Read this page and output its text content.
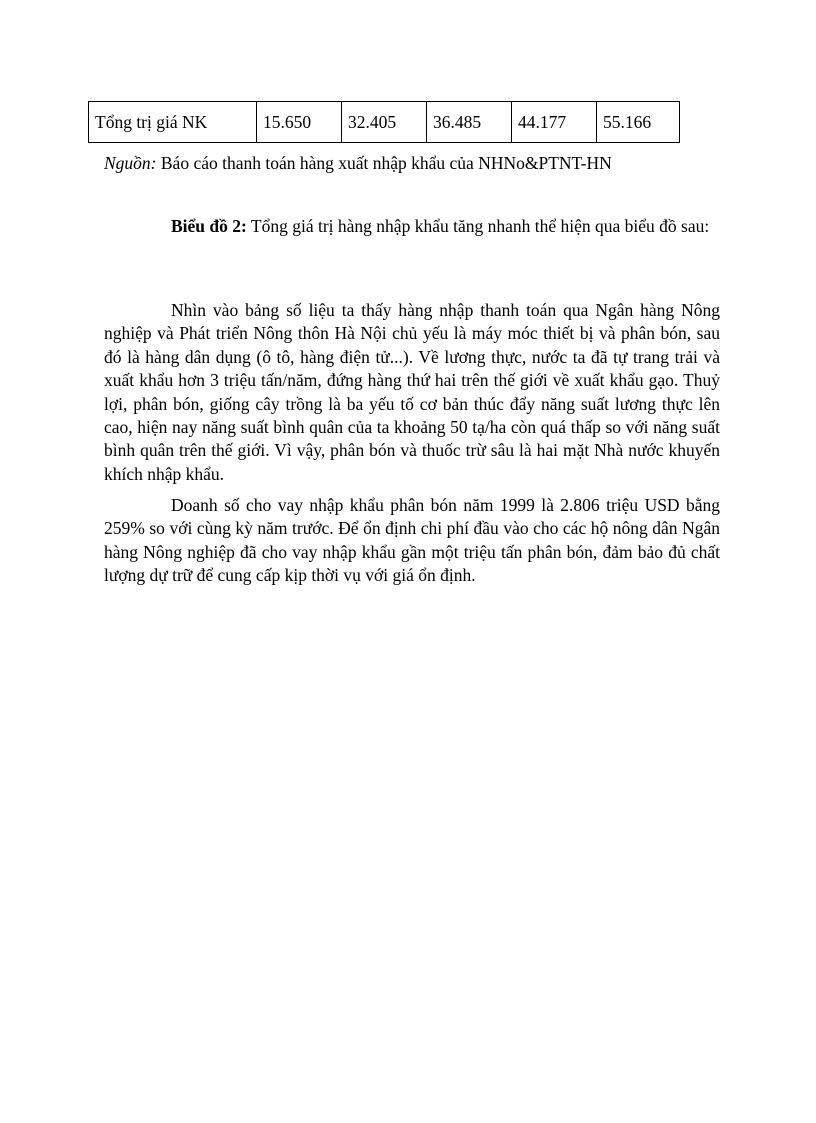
Tổng trị giá NK	15.650	32.405	36.485	44.177	55.166
Nguồn: Báo cáo thanh toán hàng xuất nhập khẩu của NHNo&PTNT-HN

Biểu đồ 2: Tổng giá trị hàng nhập khẩu tăng nhanh thể hiện qua biểu đồ sau:

Nhìn vào bảng số liệu ta thấy hàng nhập thanh toán qua Ngân hàng Nông nghiệp và Phát triển Nông thôn Hà Nội chủ yếu là máy móc thiết bị và phân bón, sau đó là hàng dân dụng (ô tô, hàng điện tử...). Về lương thực, nước ta đã tự trang trải và xuất khẩu hơn 3 triệu tấn/năm, đứng hàng thứ hai trên thế giới về xuất khẩu gạo. Thuỷ lợi, phân bón, giống cây trồng là ba yếu tố cơ bản thúc đẩy năng suất lương thực lên cao, hiện nay năng suất bình quân của ta khoảng 50 tạ/ha còn quá thấp so với năng suất bình quân trên thế giới. Vì vậy, phân bón và thuốc trừ sâu là hai mặt Nhà nước khuyến khích nhập khẩu.

Doanh số cho vay nhập khẩu phân bón năm 1999 là 2.806 triệu USD bằng 259% so với cùng kỳ năm trước. Để ổn định chi phí đầu vào cho các hộ nông dân Ngân hàng Nông nghiệp đã cho vay nhập khẩu gần một triệu tấn phân bón, đảm bảo đủ chất lượng dự trữ để cung cấp kịp thời vụ với giá ổn định.
